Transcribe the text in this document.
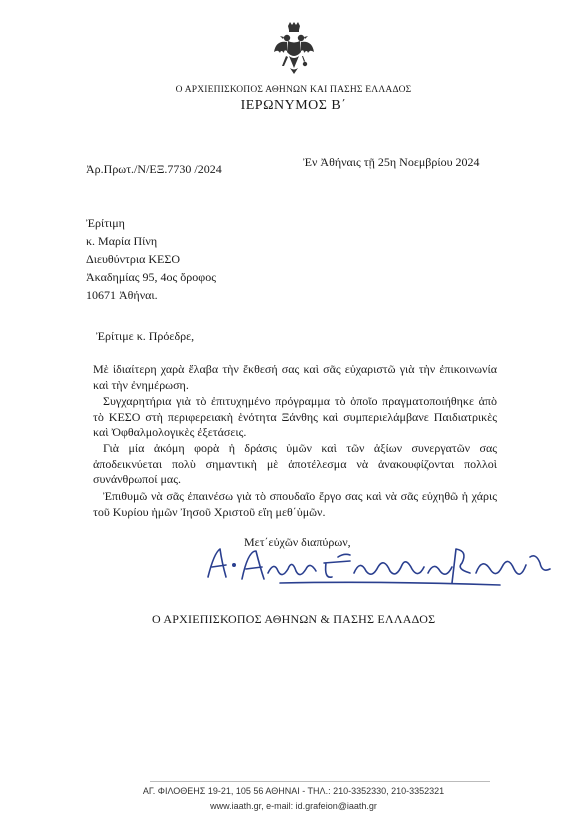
Ο ΑΡΧΙΕΠΙΣΚΟΠΟΣ ΑΘΗΝΩΝ ΚΑΙ ΠΑΣΗΣ ΕΛΛΑΔΟΣ
ΙΕΡΩΝΥΜΟΣ Β΄
Ἀρ.Πρωτ./Ν/ΕΞ.7730 /2024	Ἐν Ἀθήναις τῇ 25η Νοεμβρίου 2024
Ἐρίτιμη
κ. Μαρία Πίνη
Διευθύντρια ΚΕΣΟ
Ἀκαδημίας 95, 4ος ὄροφος
10671 Ἀθήναι.
Ἐρίτιμε κ. Πρόεδρε,
Μὲ ἰδιαίτερη χαρὰ ἔλαβα τὴν ἔκθεσή σας καὶ σᾶς εὐχαριστῶ γιὰ τὴν ἐπικοινωνία καὶ τὴν ἐνημέρωση.
Συγχαρητήρια γιὰ τὸ ἐπιτυχημένο πρόγραμμα τὸ ὁποῖο πραγματοποιήθηκε ἀπὸ τὸ ΚΕΣΟ στὴ περιφερειακὴ ἑνότητα Ξάνθης καὶ συμπεριελάμβανε Παιδιατρικὲς καὶ Ὀφθαλμολογικὲς ἐξετάσεις.
Γιὰ μία ἀκόμη φορὰ ἡ δράσις ὑμῶν καὶ τῶν ἀξίων συνεργατῶν σας ἀποδεικνύεται πολὺ σημαντικὴ μὲ ἀποτέλεσμα νὰ ἀνακουφίζονται πολλοὶ συνάνθρωποί μας.
Ἐπιθυμῶ νὰ σᾶς ἐπαινέσω γιὰ τὸ σπουδαῖο ἔργο σας καὶ νὰ σᾶς εὐχηθῶ ἡ χάρις τοῦ Κυρίου ἡμῶν Ἰησοῦ Χριστοῦ εἴη μεθ΄ὑμῶν.
Μετ΄εὐχῶν διαπύρων,
Ο ΑΡΧΙΕΠΙΣΚΟΠΟΣ ΑΘΗΝΩΝ & ΠΑΣΗΣ ΕΛΛΑΔΟΣ
ΑΓ. ΦΙΛΟΘΕΗΣ 19-21, 105 56 ΑΘΗΝΑΙ - ΤΗΛ.: 210-3352330, 210-3352321
www.iaath.gr, e-mail: id.grafeion@iaath.gr
